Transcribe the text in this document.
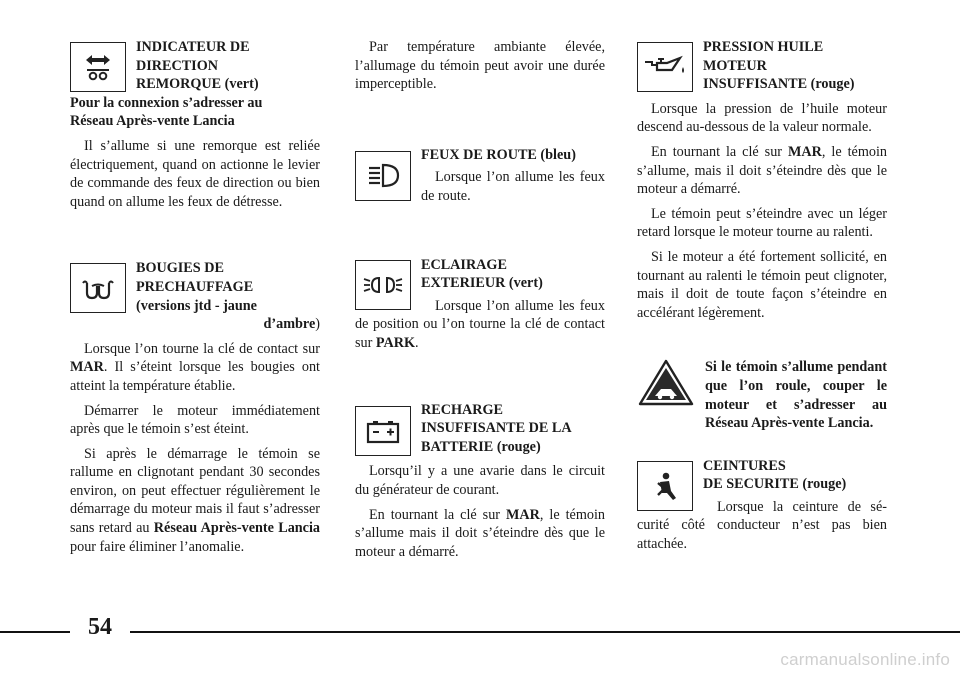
INDICATEUR DE
DIRECTION
REMORQUE (vert)
Pour la connexion s’adresser au
Réseau Après-vente Lancia

Il s’allume si une remorque est reliée électriquement, quand on actionne le levier de commande des feux de direction ou bien quand on allume les feux de détresse.

BOUGIES DE
PRECHAUFFAGE
(versions jtd - jaune

d’ambre)

Lorsque l’on tourne la clé de contact sur MAR. Il s’éteint lorsque les bougies ont atteint la température établie.

Démarrer le moteur immédiatement après que le témoin s’est éteint.

Si après le démarrage le témoin se rallume en clignotant pendant 30 secondes environ, on peut effectuer régulièrement le démarrage du moteur mais il faut s’adresser sans retard au Réseau Après-vente Lancia pour faire éliminer l’anomalie.

Par température ambiante élevée, l’allumage du témoin peut avoir une durée imperceptible.

FEUX DE ROUTE (bleu)

Lorsque l’on allume les feux de route.

ECLAIRAGE
EXTERIEUR (vert)

Lorsque l’on allume les feux de position ou l’on tourne la clé de contact sur PARK.

RECHARGE
INSUFFISANTE DE LA
BATTERIE (rouge)

Lorsqu’il y a une avarie dans le circuit du générateur de courant.

En tournant la clé sur MAR, le témoin s’allume mais il doit s’éteindre dès que le moteur a démarré.

PRESSION HUILE
MOTEUR
INSUFFISANTE (rouge)

Lorsque la pression de l’huile moteur descend au-dessous de la valeur normale.

En tournant la clé sur MAR, le témoin s’allume, mais il doit s’éteindre dès que le moteur a démarré.

Le témoin peut s’éteindre avec un léger retard lorsque le moteur tourne au ralenti.

Si le moteur a été fortement sollicité, en tournant au ralenti le témoin peut clignoter, mais il doit de toute façon s’éteindre en accélérant légèrement.

Si le témoin s’allume pendant que l’on roule, couper le moteur et s’adresser au Réseau Après-vente Lancia.
CEINTURES
DE SECURITE (rouge)

Lorsque la ceinture de sécurité côté conducteur n’est pas bien attachée.

54
carmanualsonline.info
